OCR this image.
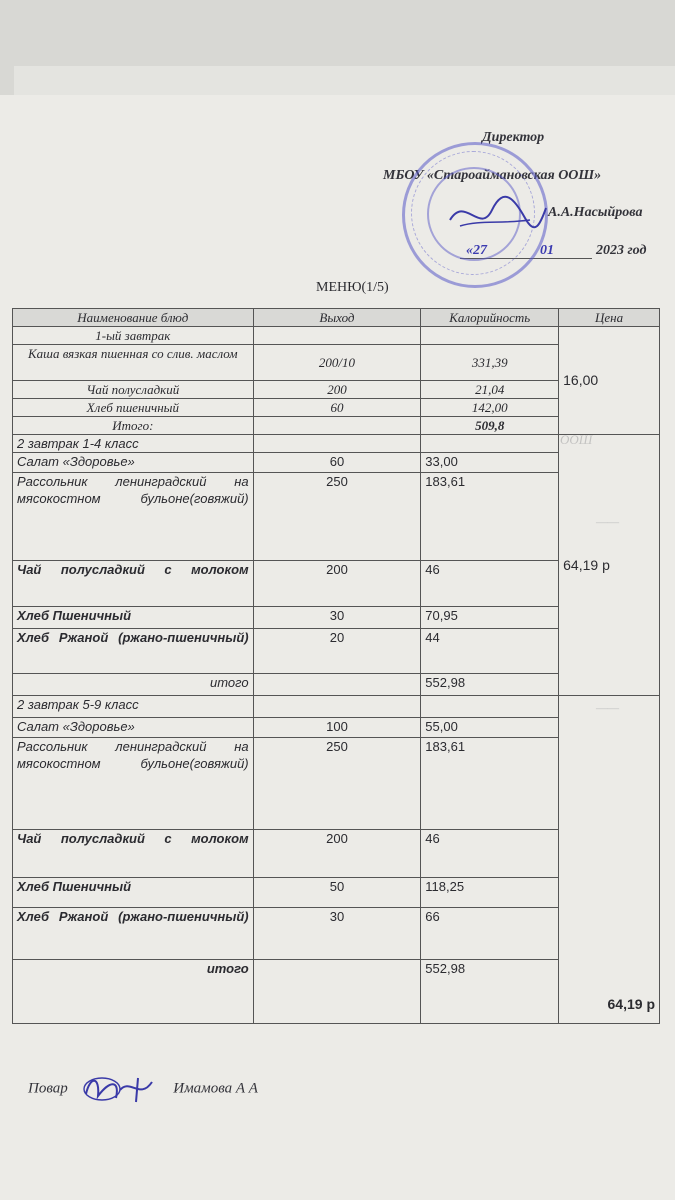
ООШ
——
——
Директор
МБОУ «Староаймановская ООШ»
А.А.Насыйрова
«27	01	2023 год
МЕНЮ(1/5)
Наименование блюд	Выход	Калорийность	Цена
1-ый завтрак			16,00
Каша вязкая пшенная со слив. маслом	200/10	331,39	
Чай полусладкий	200	21,04	
Хлеб пшеничный	60	142,00	
Итого:		509,8	
2 завтрак 1-4 класс			64,19 р
Салат «Здоровье»	60	33,00	
Рассольник ленинградский на мясокостном бульоне(говяжий)	250	183,61	
Чай полусладкий с молоком	200	46	
Хлеб Пшеничный	30	70,95	
Хлеб Ржаной (ржано-пшеничный)	20	44	
итого		552,98	
2 завтрак 5-9 класс			64,19 р
Салат «Здоровье»	100	55,00	
Рассольник ленинградский на мясокостном бульоне(говяжий)	250	183,61	
Чай полусладкий с молоком	200	46	
Хлеб Пшеничный	50	118,25	
Хлеб Ржаной (ржано-пшеничный)	30	66	
итого		552,98	
Повар	Имамова А А
